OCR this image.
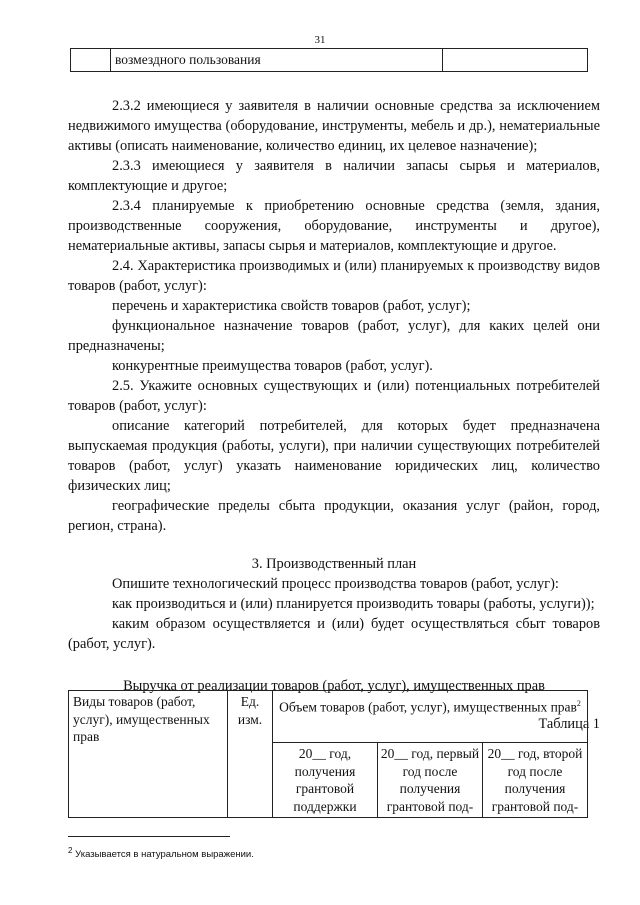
31
	возмездного пользования	

2.3.2 имеющиеся у заявителя в наличии основные средства за исключением недвижимого имущества (оборудование, инструменты, мебель и др.), нематериальные активы (описать наименование, количество единиц, их целевое назначение);

2.3.3 имеющиеся у заявителя в наличии запасы сырья и материалов, комплектующие и другое;

2.3.4 планируемые к приобретению основные средства (земля, здания, производственные сооружения, оборудование, инструменты и другое), нематериальные активы, запасы сырья и материалов, комплектующие и другое.

2.4. Характеристика производимых и (или) планируемых к производству видов товаров (работ, услуг):

перечень и характеристика свойств товаров (работ, услуг);

функциональное назначение товаров (работ, услуг), для каких целей они предназначены;

конкурентные преимущества товаров (работ, услуг).

2.5. Укажите основных существующих и (или) потенциальных потребителей товаров (работ, услуг):

описание категорий потребителей, для которых будет предназначена выпускаемая продукция (работы, услуги), при наличии существующих потребителей товаров (работ, услуг) указать наименование юридических лиц, количество физических лиц;

географические пределы сбыта продукции, оказания услуг (район, город, регион, страна).

3. Производственный план

Опишите технологический процесс производства товаров (работ, услуг):

как производиться и (или) планируется производить товары (работы, услуги));

каким образом осуществляется и (или) будет осуществляться сбыт товаров (работ, услуг).

Выручка от реализации товаров (работ, услуг), имущественных прав

Таблица 1

Виды товаров (работ, услуг), имущественных прав	Ед. изм.	Объем товаров (работ, услуг), имущественных прав$^2$
		20__ год, получения грантовой поддержки	20__ год, первый год после получения грантовой под-	20__ год, второй год после получения грантовой под-
$^2$ Указывается в натуральном выражении.
